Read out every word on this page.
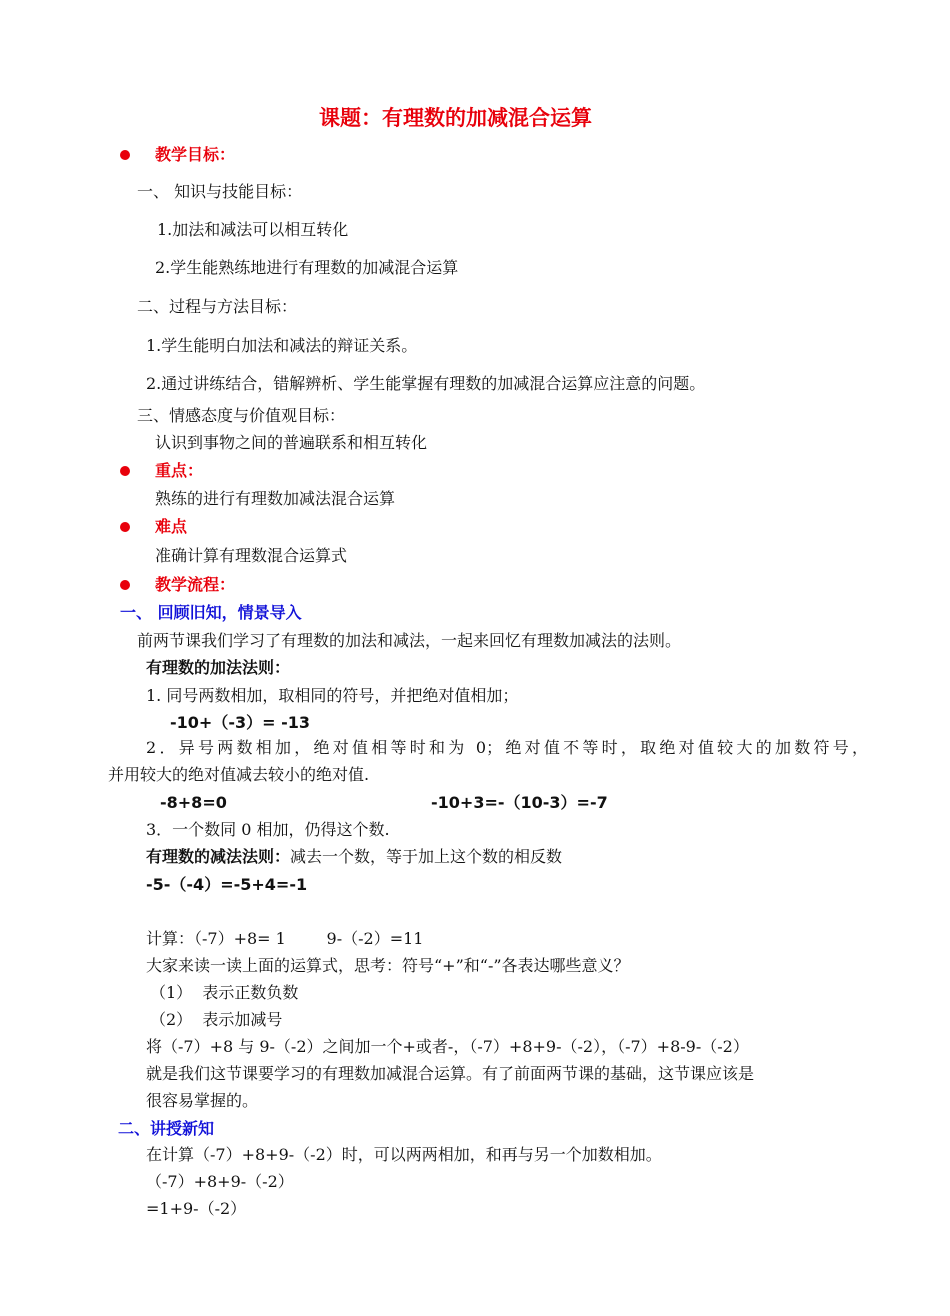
课题：有理数的加减混合运算
教学目标：
一、 知识与技能目标：
1.加法和减法可以相互转化
2.学生能熟练地进行有理数的加减混合运算
二、过程与方法目标：
1.学生能明白加法和减法的辩证关系。
2.通过讲练结合，错解辨析、学生能掌握有理数的加减混合运算应注意的问题。
三、情感态度与价值观目标：
认识到事物之间的普遍联系和相互转化
重点：
熟练的进行有理数加减法混合运算
难点
准确计算有理数混合运算式
教学流程：
一、 回顾旧知，情景导入
前两节课我们学习了有理数的加法和减法，一起来回忆有理数加减法的法则。
有理数的加法法则：
1. 同号两数相加，取相同的符号，并把绝对值相加；
-10+（-3）= -13
2．异号两数相加，绝对值相等时和为 0；绝对值不等时，取绝对值较大的加数符号，
并用较大的绝对值减去较小的绝对值.
-8+8=0	-10+3=-（10-3）=-7
3．一个数同 0 相加，仍得这个数.
有理数的减法法则：减去一个数，等于加上这个数的相反数
-5-（-4）=-5+4=-1
计算：（-7）+8= 1        9-（-2）=11
大家来读一读上面的运算式，思考：符号“+”和“-”各表达哪些意义？
（1）  表示正数负数
（2）  表示加减号
将（-7）+8 与 9-（-2）之间加一个+或者-，（-7）+8+9-（-2），（-7）+8-9-（-2）
就是我们这节课要学习的有理数加减混合运算。有了前面两节课的基础，这节课应该是
很容易掌握的。
二、讲授新知
在计算（-7）+8+9-（-2）时，可以两两相加，和再与另一个加数相加。
（-7）+8+9-（-2）
=1+9-（-2）
